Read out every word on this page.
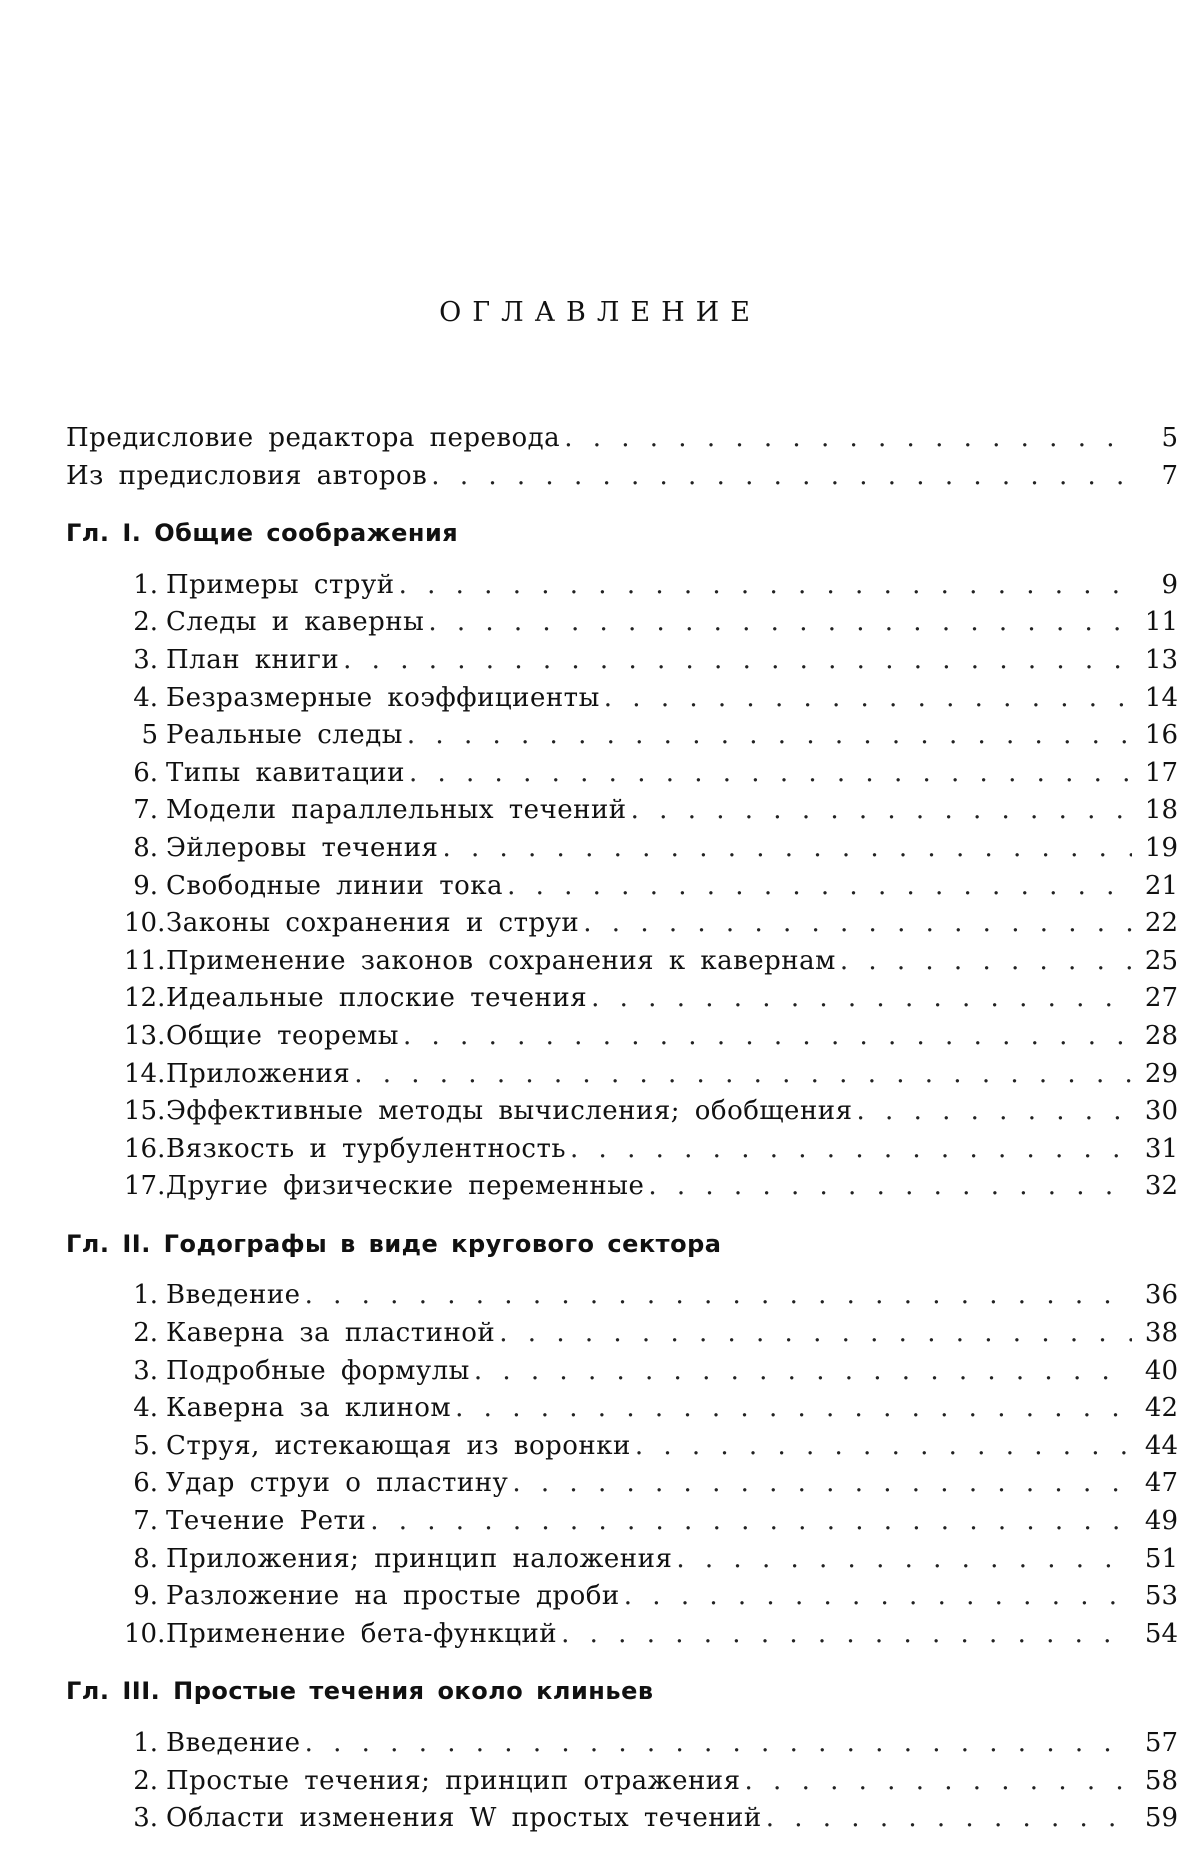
ОГЛАВЛЕНИЕ
Предисловие редактора перевода . . .	5
Из предисловия авторов . . .	7
Гл. I. Общие соображения
1. Примеры струй . . .	9
2. Следы и каверны . . .	11
3. План книги . . .	13
4. Безразмерные коэффициенты . . .	14
5 Реальные следы . . .	16
6. Типы кавитации . . .	17
7. Модели параллельных течений . . .	18
8. Эйлеровы течения . . .	19
9. Свободные линии тока . . .	21
10. Законы сохранения и струи . . .	22
11. Применение законов сохранения к кавернам . . .	25
12. Идеальные плоские течения . . .	27
13. Общие теоремы . . .	28
14. Приложения . . .	29
15. Эффективные методы вычисления; обобщения . . .	30
16. Вязкость и турбулентность . . .	31
17. Другие физические переменные . . .	32
Гл. II. Годографы в виде кругового сектора
1. Введение . . .	36
2. Каверна за пластиной . . .	38
3. Подробные формулы . . .	40
4. Каверна за клином . . .	42
5. Струя, истекающая из воронки . . .	44
6. Удар струи о пластину . . .	47
7. Течение Рети . . .	49
8. Приложения; принцип наложения . . .	51
9. Разложение на простые дроби . . .	53
10. Применение бета-функций . . .	54
Гл. III. Простые течения около клиньев
1. Введение . . .	57
2. Простые течения; принцип отражения . . .	58
3. Области изменения W простых течений . . .	59
